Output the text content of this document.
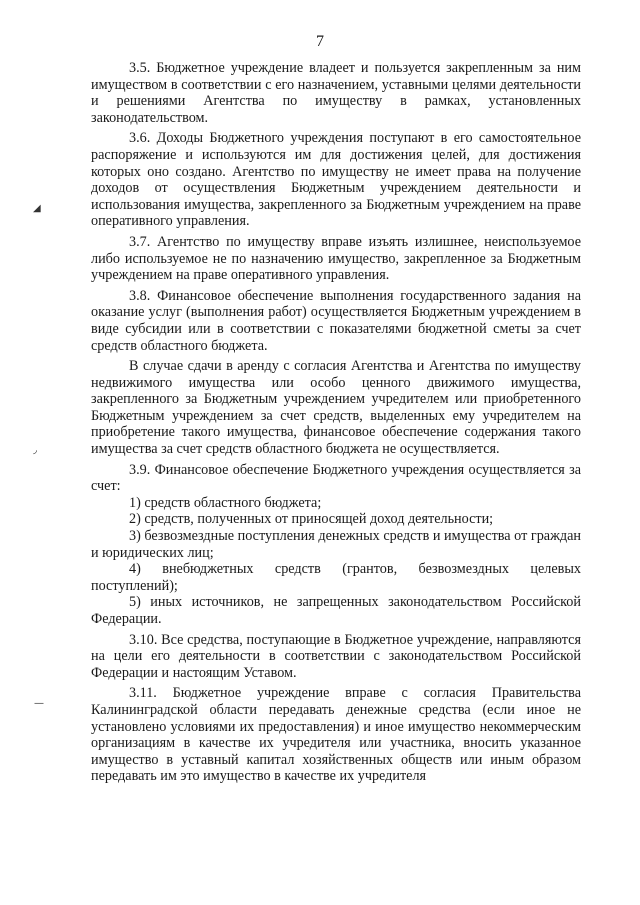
7
◢
◞
—

3.5. Бюджетное учреждение владеет и пользуется закрепленным за ним имуществом в соответствии с его назначением, уставными целями деятельности и решениями Агентства по имуществу в рамках, установленных законодательством.

3.6. Доходы Бюджетного учреждения поступают в его самостоятельное распоряжение и используются им для достижения целей, для достижения которых оно создано. Агентство по имуществу не имеет права на получение доходов от осуществления Бюджетным учреждением деятельности и использования имущества, закрепленного за Бюджетным учреждением на праве оперативного управления.

3.7. Агентство по имуществу вправе изъять излишнее, неиспользуемое либо используемое не по назначению имущество, закрепленное за Бюджетным учреждением на праве оперативного управления.

3.8. Финансовое обеспечение выполнения государственного задания на оказание услуг (выполнения работ) осуществляется Бюджетным учреждением в виде субсидии или в соответствии с показателями бюджетной сметы за счет средств областного бюджета.

В случае сдачи в аренду с согласия Агентства и Агентства по имуществу недвижимого имущества или особо ценного движимого имущества, закрепленного за Бюджетным учреждением учредителем или приобретенного Бюджетным учреждением за счет средств, выделенных ему учредителем на приобретение такого имущества, финансовое обеспечение содержания такого имущества за счет средств областного бюджета не осуществляется.

3.9. Финансовое обеспечение Бюджетного учреждения осуществляется за счет:

1) средств областного бюджета;

2) средств, полученных от приносящей доход деятельности;

3) безвозмездные поступления денежных средств и имущества от граждан и юридических лиц;

4) внебюджетных средств (грантов, безвозмездных целевых поступлений);

5) иных источников, не запрещенных законодательством Российской Федерации.

3.10. Все средства, поступающие в Бюджетное учреждение, направляются на цели его деятельности в соответствии с законодательством Российской Федерации и настоящим Уставом.

3.11. Бюджетное учреждение вправе с согласия Правительства Калининградской области передавать денежные средства (если иное не установлено условиями их предоставления) и иное имущество некоммерческим организациям в качестве их учредителя или участника, вносить указанное имущество в уставный капитал хозяйственных обществ или иным образом передавать им это имущество в качестве их учредителя
